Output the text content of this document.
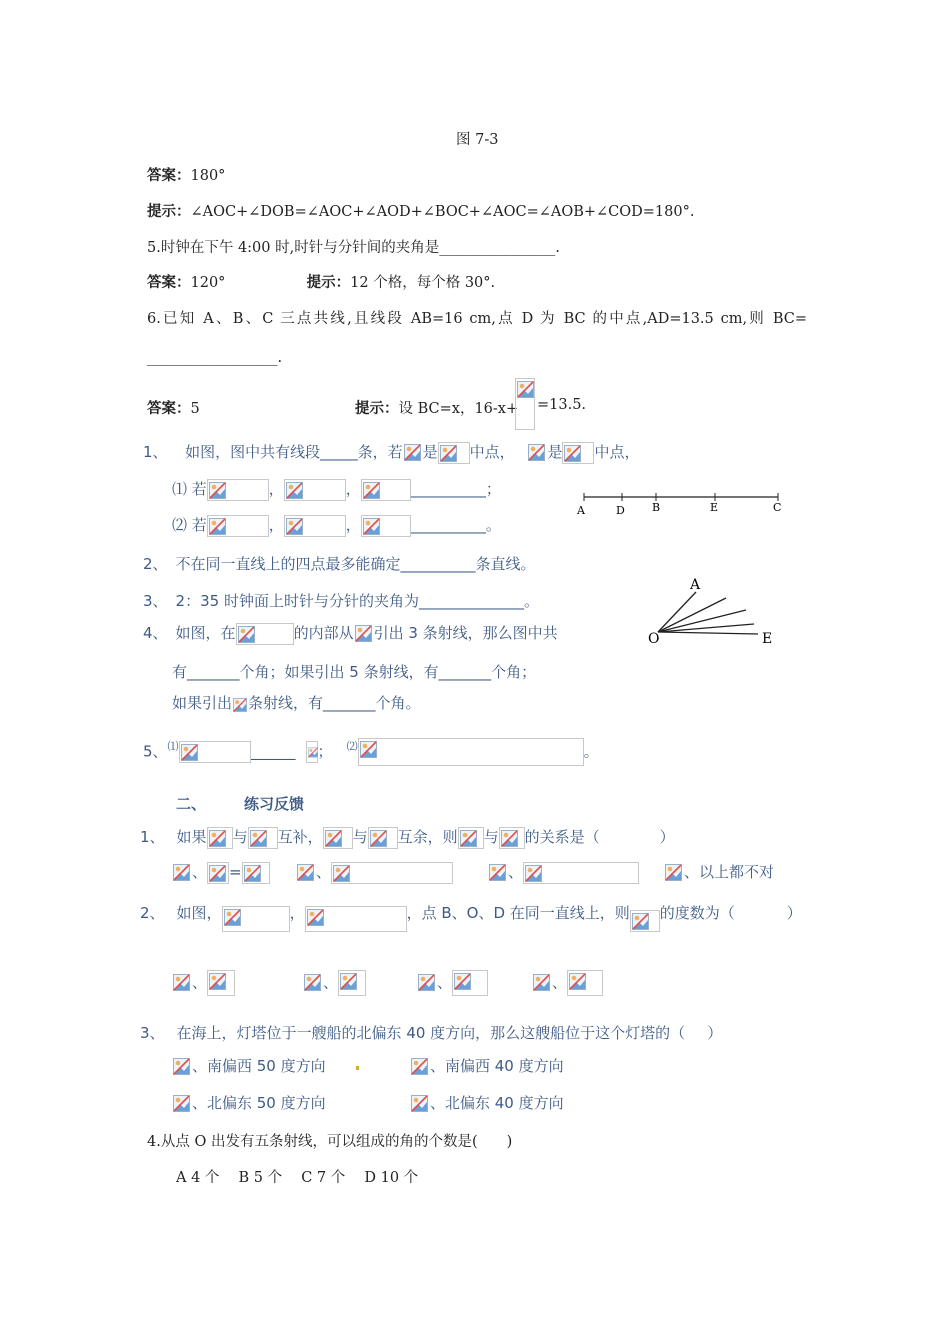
图 7-3
答案：180°
提示：∠AOC+∠DOB=∠AOC+∠AOD+∠BOC+∠AOC=∠AOB+∠COD=180°.
5.时钟在下午 4:00 时,时针与分针间的夹角是________________.
答案：120°	提示：12 个格，每个格 30°.
6.已知 A、B、C 三点共线,且线段 AB=16 cm,点 D 为 BC 的中点,AD=13.5 cm,则 BC=
__________________.
答案：5	提示：设 BC=x，16-x+ =13.5.
1、 如图，图中共有线段_____条，若 是 中点， 是 中点，
⑴ 若	，	，	__________；
⑵ 若	，	，	__________。
A	D B	E	C
2、 不在同一直线上的四点最多能确定__________条直线。
3、 2：35 时钟面上时针与分针的夹角为______________。
4、 如图，在	的内部从 引出 3 条射线，那么图中共
有_______个角；如果引出 5 条射线，有_______个角；
如果引出 条射线，有_______个角。
A
O	E
5、⑴	______ ； ⑵	。
二、	练习反馈
1、 如果 与 互补， 与 互余，则 与 的关系是（	）
、 =	、	、	、以上都不对
2、 如图，	，	，点 B、O、D 在同一直线上，则 的度数为（	）
、	、	、	、
3、 在海上，灯塔位于一艘船的北偏东 40 度方向，那么这艘船位于这个灯塔的（ ）
、南偏西 50 度方向	、南偏西 40 度方向
、北偏东 50 度方向	、北偏东 40 度方向
4.从点 O 出发有五条射线，可以组成的角的个数是(　　)
A 4 个　 B 5 个　 C 7 个　 D 10 个
